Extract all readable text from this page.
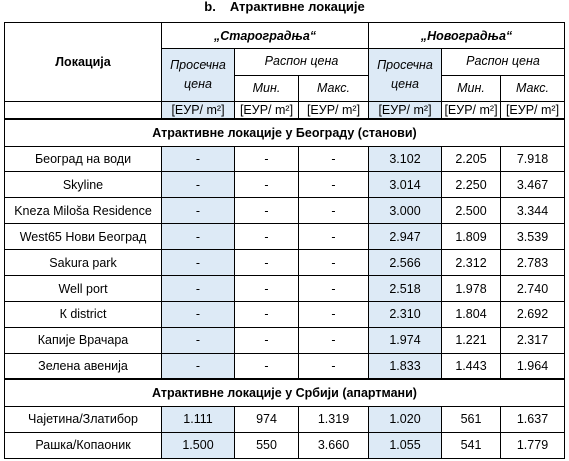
b. Атрактивне локације
Локација	„Староградња“			„Новоградња“		
	Просечна цена	Распон цена		Просечна цена	Распон цена	
		Мин.	Макс.		Мин.	Макс.
	[ЕУР/ m²]	[ЕУР/ m²]	[ЕУР/ m²]	[ЕУР/ m²]	[ЕУР/ m²]	[ЕУР/ m²]
Атрактивне локације у Београду (станови)						
Београд на води	-	-	-	3.102	2.205	7.918
Skyline	-	-	-	3.014	2.250	3.467
Kneza Miloša Residence	-	-	-	3.000	2.500	3.344
West65 Нови Београд	-	-	-	2.947	1.809	3.539
Sakura park	-	-	-	2.566	2.312	2.783
Well port	-	-	-	2.518	1.978	2.740
К district	-	-	-	2.310	1.804	2.692
Капије Врачара	-	-	-	1.974	1.221	2.317
Зелена авенија	-	-	-	1.833	1.443	1.964
Атрактивне локације у Србији (апартмани)						
Чајетина/Златибор	1.111	974	1.319	1.020	561	1.637
Рашка/Копаоник	1.500	550	3.660	1.055	541	1.779
